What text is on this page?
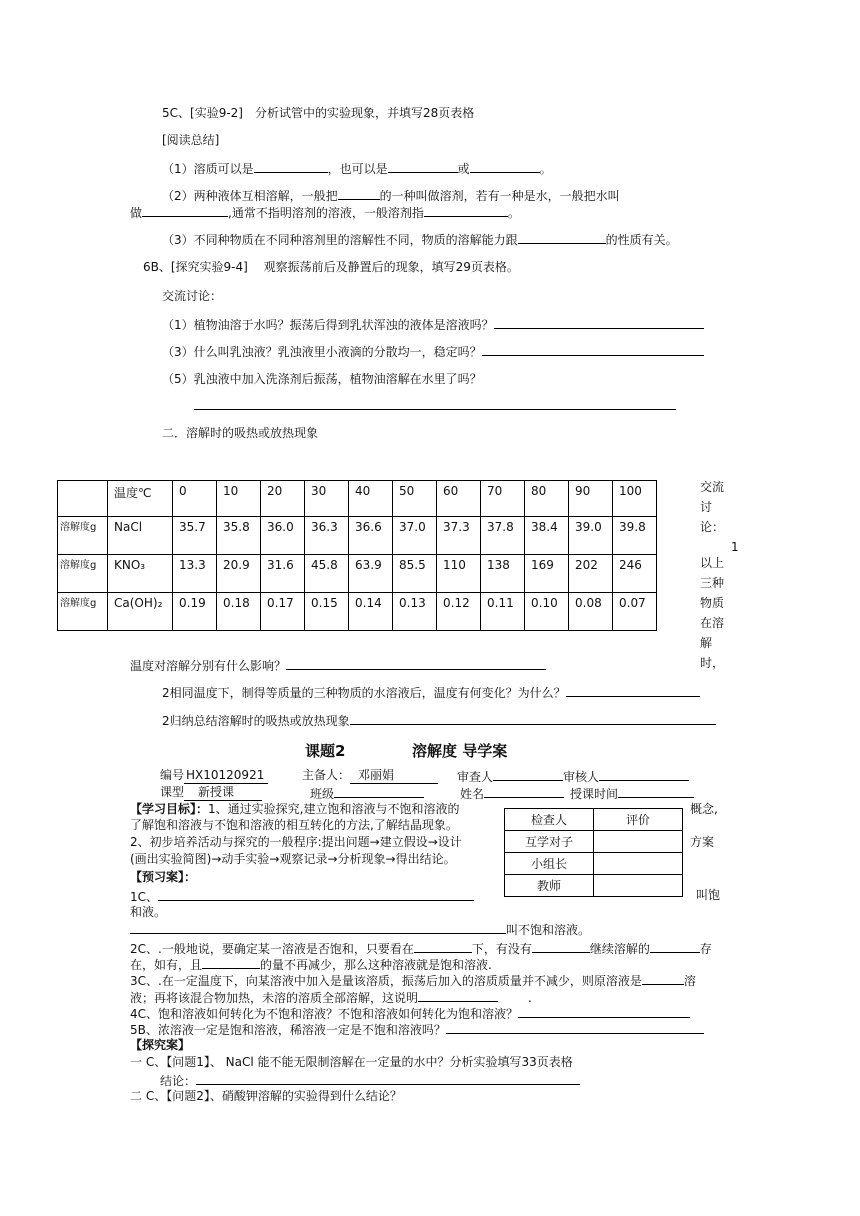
5C、[实验9-2]　分析试管中的实验现象，并填写28页表格
[阅读总结]
（1）溶质可以是	，也可以是	或	。
（2）两种液体互相溶解，一般把	的一种叫做溶剂，若有一种是水，一般把水叫
做	,通常不指明溶剂的溶液，一般溶剂指	。
（3）不同种物质在不同种溶剂里的溶解性不同，物质的溶解能力跟	的性质有关。
6B、[探究实验9-4]　 观察振荡前后及静置后的现象，填写29页表格。
交流讨论：
（1）植物油溶于水吗？振荡后得到乳状浑浊的液体是溶液吗？
（3）什么叫乳浊液？乳浊液里小液滴的分散均一，稳定吗？
（5）乳浊液中加入洗涤剂后振荡，植物油溶解在水里了吗？
二．溶解时的吸热或放热现象
	温度℃	0	10	20	30	40	50	60	70	80	90	100
溶解度g	NaCl	35.7	35.8	36.0	36.3	36.6	37.0	37.3	37.8	38.4	39.0	39.8
溶解度g	KNO₃	13.3	20.9	31.6	45.8	63.9	85.5	110	138	169	202	246
溶解度g	Ca(OH)₂	0.19	0.18	0.17	0.15	0.14	0.13	0.12	0.11	0.10	0.08	0.07
交流讨论：
1
以上三种物质在溶解时，
温度对溶解分别有什么影响？
2相同温度下，制得等质量的三种物质的水溶液后，温度有何变化？为什么？
2归纳总结溶解时的吸热或放热现象
课题2	溶解度 导学案
编号 HX10120921	主备人： 邓丽娟	审查人	审核人
课型 新授课	班级	姓名	授课时间
【学习目标】：1、通过实验探究,建立饱和溶液与不饱和溶液的	概念,
了解饱和溶液与不饱和溶液的相互转化的方法,了解结晶现象。
2、初步培养活动与探究的一般程序:提出问题→建立假设→设计	方案
(画出实验简图)→动手实验→观察记录→分析现象→得出结论。
检查人	评价
互学对子	
小组长	
教师	
【预习案】：
1C、	叫饱
和液。
叫不饱和溶液。
2C、.一般地说，要确定某一溶液是否饱和，只要看在	下，有没有	继续溶解的	存
在，如有，且	的量不再减少，那么这种溶液就是饱和溶液.
3C、.在一定温度下，向某溶液中加入是量该溶质，振荡后加入的溶质质量并不减少，则原溶液是	溶
液；再将该混合物加热，未溶的溶质全部溶解，这说明	.
4C、饱和溶液如何转化为不饱和溶液？不饱和溶液如何转化为饱和溶液？
5B、浓溶液一定是饱和溶液，稀溶液一定是不饱和溶液吗？
【探究案】
一 C、【问题1】、 NaCl 能不能无限制溶解在一定量的水中？分析实验填写33页表格
结论：
二 C、【问题2】、硝酸钾溶解的实验得到什么结论？
